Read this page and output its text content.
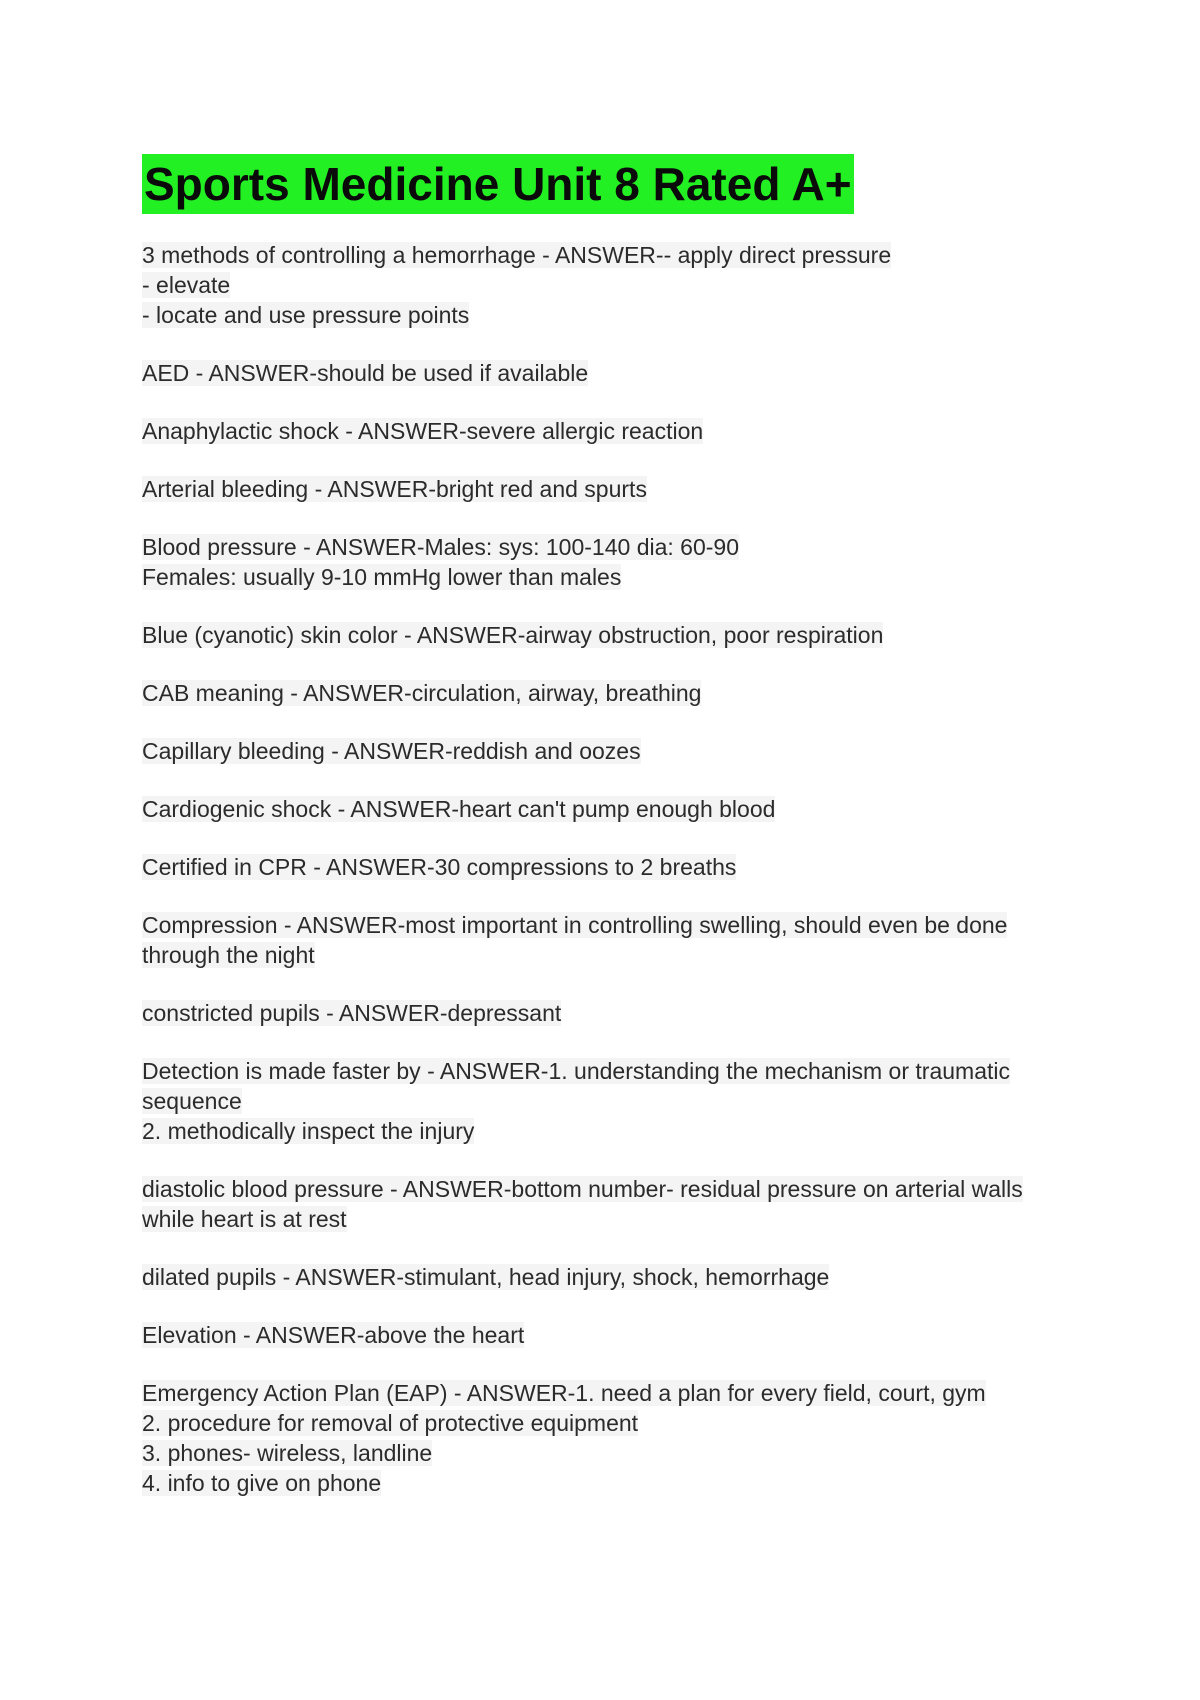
Sports Medicine Unit 8 Rated A+
3 methods of controlling a hemorrhage - ANSWER-- apply direct pressure
- elevate
- locate and use pressure points
AED - ANSWER-should be used if available
Anaphylactic shock - ANSWER-severe allergic reaction
Arterial bleeding - ANSWER-bright red and spurts
Blood pressure - ANSWER-Males: sys: 100-140 dia: 60-90
Females: usually 9-10 mmHg lower than males
Blue (cyanotic) skin color - ANSWER-airway obstruction, poor respiration
CAB meaning - ANSWER-circulation, airway, breathing
Capillary bleeding - ANSWER-reddish and oozes
Cardiogenic shock - ANSWER-heart can't pump enough blood
Certified in CPR - ANSWER-30 compressions to 2 breaths
Compression - ANSWER-most important in controlling swelling, should even be done
through the night
constricted pupils - ANSWER-depressant
Detection is made faster by - ANSWER-1. understanding the mechanism or traumatic
sequence
2. methodically inspect the injury
diastolic blood pressure - ANSWER-bottom number- residual pressure on arterial walls
while heart is at rest
dilated pupils - ANSWER-stimulant, head injury, shock, hemorrhage
Elevation - ANSWER-above the heart
Emergency Action Plan (EAP) - ANSWER-1. need a plan for every field, court, gym
2. procedure for removal of protective equipment
3. phones- wireless, landline
4. info to give on phone
